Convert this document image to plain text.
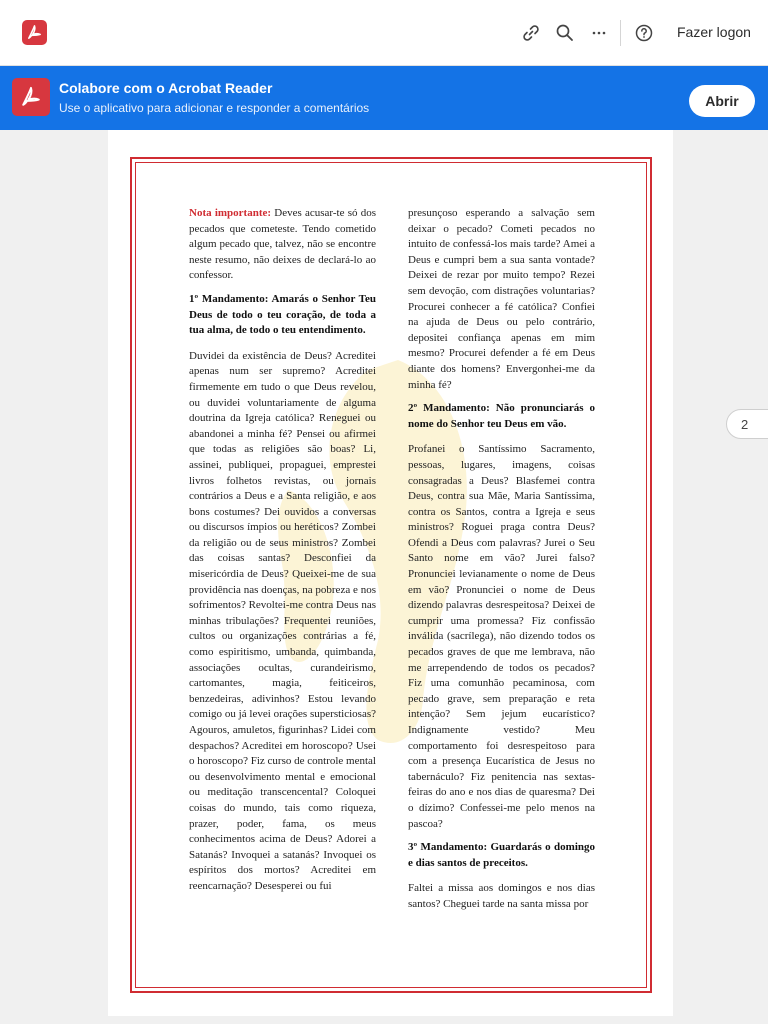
Fazer logon
Colabore com o Acrobat Reader
Use o aplicativo para adicionar e responder a comentários	Abrir

Nota importante: Deves acusar-te só dos pecados que cometeste. Tendo cometido algum pecado que, talvez, não se encontre neste resumo, não deixes de declará-lo ao confessor.

1º Mandamento: Amarás o Senhor Teu Deus de todo o teu coração, de toda a tua alma, de todo o teu entendimento.

Duvidei da existência de Deus? Acreditei apenas num ser supremo? Acreditei firmemente em tudo o que Deus revelou, ou duvidei voluntariamente de alguma doutrina da Igreja católica? Reneguei ou abandonei a minha fé? Pensei ou afirmei que todas as religiões são boas? Li, assinei, publiquei, propaguei, emprestei livros folhetos revistas, ou jornais contrários a Deus e a Santa religião, e aos bons costumes? Dei ouvidos a conversas ou discursos ímpios ou heréticos? Zombei da religião ou de seus ministros? Zombei das coisas santas? Desconfiei da misericórdia de Deus? Queixei-me de sua providência nas doenças, na pobreza e nos sofrimentos? Revoltei-me contra Deus nas minhas tribulações? Frequentei reuniões, cultos ou organizações contrárias a fé, como espiritismo, umbanda, quimbanda, associações ocultas, curandeirismo, cartomantes, magia, feiticeiros, benzedeiras, adivinhos? Estou levando comigo ou já levei orações supersticiosas? Agouros, amuletos, figurinhas? Lidei com despachos? Acreditei em horoscopo? Usei o horoscopo? Fiz curso de controle mental ou desenvolvimento mental e emocional ou meditação transcencental? Coloquei coisas do mundo, tais como riqueza, prazer, poder, fama, os meus conhecimentos acima de Deus? Adorei a Satanás? Invoquei a satanás? Invoquei os espíritos dos mortos? Acreditei em reencarnação? Desesperei ou fui

presunçoso esperando a salvação sem deixar o pecado? Cometi pecados no intuito de confessá-los mais tarde? Amei a Deus e cumpri bem a sua santa vontade? Deixei de rezar por muito tempo? Rezei sem devoção, com distrações voluntarias? Procurei conhecer a fé católica? Confiei na ajuda de Deus ou pelo contrário, depositei confiança apenas em mim mesmo? Procurei defender a fé em Deus diante dos homens? Envergonhei-me da minha fé?

2º Mandamento: Não pronunciarás o nome do Senhor teu Deus em vão.

Profanei o Santíssimo Sacramento, pessoas, lugares, imagens, coisas consagradas a Deus? Blasfemei contra Deus, contra sua Mãe, Maria Santíssima, contra os Santos, contra a Igreja e seus ministros? Roguei praga contra Deus? Ofendi a Deus com palavras? Jurei o Seu Santo nome em vão? Jurei falso? Pronunciei levianamente o nome de Deus em vão? Pronunciei o nome de Deus dizendo palavras desrespeitosa? Deixei de cumprir uma promessa? Fiz confissão inválida (sacrílega), não dizendo todos os pecados graves de que me lembrava, não me arrependendo de todos os pecados? Fiz uma comunhão pecaminosa, com pecado grave, sem preparação e reta intenção? Sem jejum eucarístico? Indignamente vestido? Meu comportamento foi desrespeitoso para com a presença Eucarística de Jesus no tabernáculo? Fiz penitencia nas sextas-feiras do ano e nos dias de quaresma? Dei o dízimo? Confessei-me pelo menos na pascoa?

3º Mandamento: Guardarás o domingo e dias santos de preceitos.

Faltei a missa aos domingos e nos dias santos? Cheguei tarde na santa missa por

2
